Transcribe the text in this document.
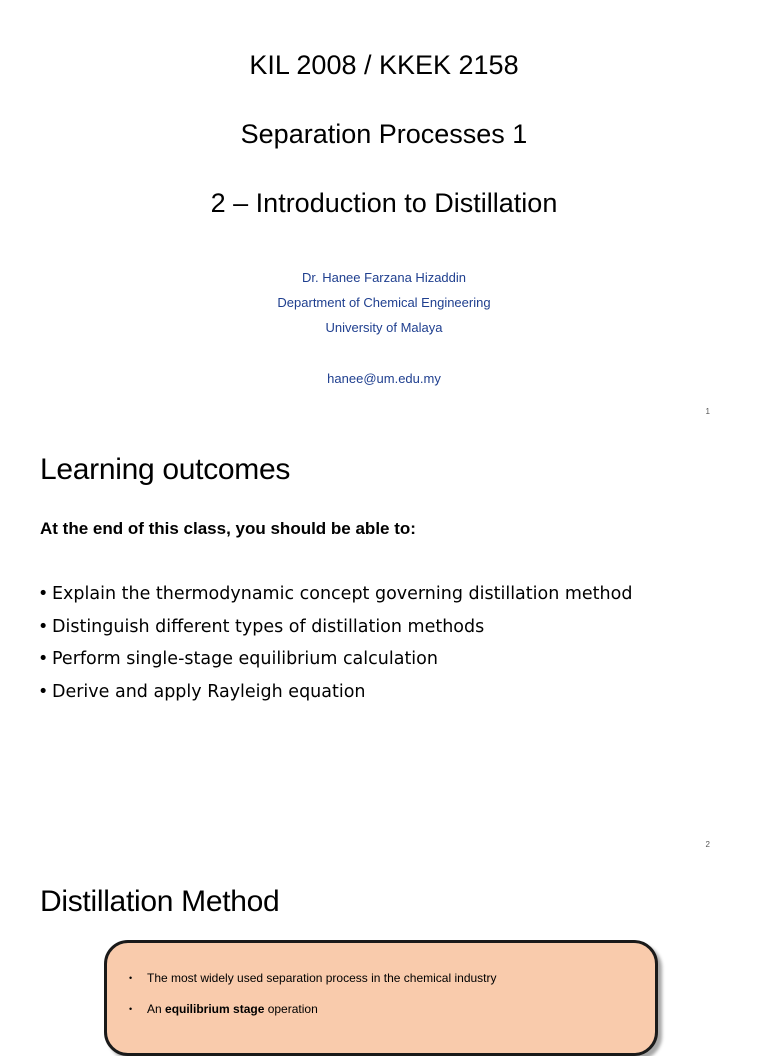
KIL 2008 / KKEK 2158
Separation Processes 1
2 – Introduction to Distillation
Dr. Hanee Farzana Hizaddin
Department of Chemical Engineering
University of Malaya
hanee@um.edu.my
1
Learning outcomes
At the end of this class, you should be able to:
• Explain the thermodynamic concept governing distillation method
• Distinguish different types of distillation methods
• Perform single-stage equilibrium calculation
• Derive and apply Rayleigh equation
2
Distillation Method
• The most widely used separation process in the chemical industry
• An equilibrium stage operation
